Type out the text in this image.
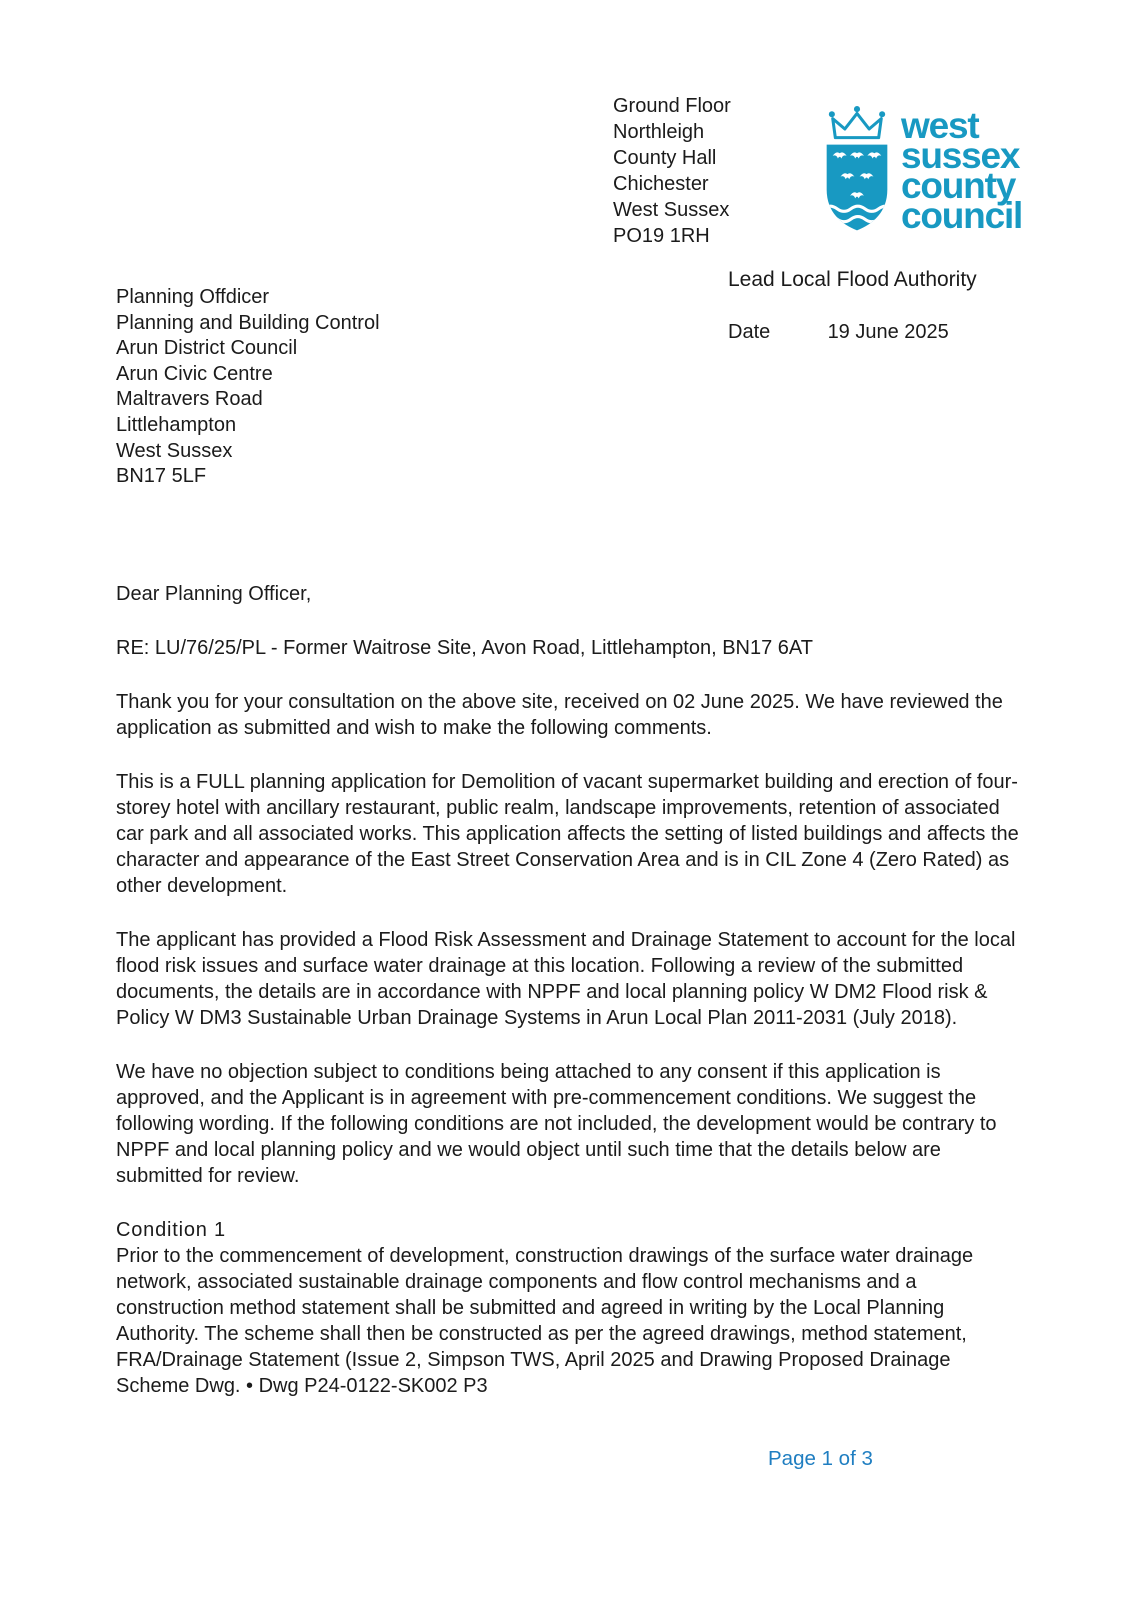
Ground Floor
Northleigh
County Hall
Chichester
West Sussex
PO19 1RH
west
sussex
county
council
Lead Local Flood Authority
Date	19 June 2025
Planning Offdicer
Planning and Building Control
Arun District Council
Arun Civic Centre
Maltravers Road
Littlehampton
West Sussex
BN17 5LF

Dear Planning Officer,

RE: LU/76/25/PL - Former Waitrose Site, Avon Road, Littlehampton, BN17 6AT

Thank you for your consultation on the above site, received on 02 June 2025. We have reviewed the application as submitted and wish to make the following comments.

This is a FULL planning application for Demolition of vacant supermarket building and erection of four-storey hotel with ancillary restaurant, public realm, landscape improvements, retention of associated car park and all associated works. This application affects the setting of listed buildings and affects the character and appearance of the East Street Conservation Area and is in CIL Zone 4 (Zero Rated) as other development.

The applicant has provided a Flood Risk Assessment and Drainage Statement to account for the local flood risk issues and surface water drainage at this location. Following a review of the submitted documents, the details are in accordance with NPPF and local planning policy W DM2 Flood risk & Policy W DM3 Sustainable Urban Drainage Systems in Arun Local Plan 2011-2031 (July 2018).

We have no objection subject to conditions being attached to any consent if this application is approved, and the Applicant is in agreement with pre-commencement conditions. We suggest the following wording. If the following conditions are not included, the development would be contrary to NPPF and local planning policy and we would object until such time that the details below are submitted for review.

Condition 1

Prior to the commencement of development, construction drawings of the surface water drainage network, associated sustainable drainage components and flow control mechanisms and a construction method statement shall be submitted and agreed in writing by the Local Planning Authority. The scheme shall then be constructed as per the agreed drawings, method statement, FRA/Drainage Statement (Issue 2, Simpson TWS, April 2025 and Drawing Proposed Drainage Scheme Dwg. • Dwg P24-0122-SK002 P3

Page 1 of 3
